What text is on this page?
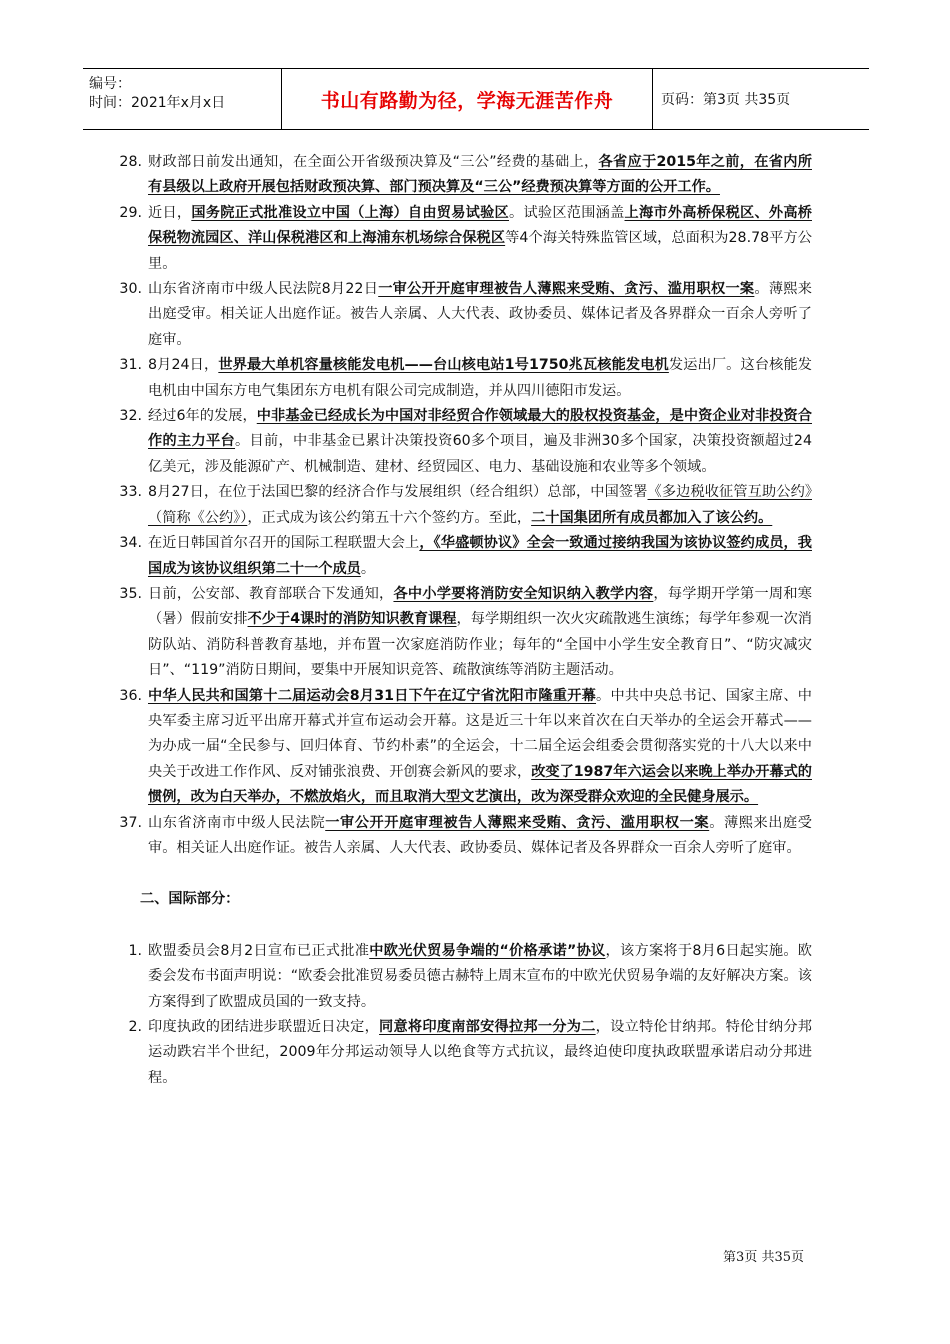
编号：
时间：2021年x月x日	书山有路勤为径，学海无涯苦作舟	页码：第3页 共35页
28. 财政部日前发出通知，在全面公开省级预决算及“三公”经费的基础上，各省应于2015年之前，在省内所有县级以上政府开展包括财政预决算、部门预决算及“三公”经费预决算等方面的公开工作。
29. 近日，国务院正式批准设立中国（上海）自由贸易试验区。试验区范围涵盖上海市外高桥保税区、外高桥保税物流园区、洋山保税港区和上海浦东机场综合保税区等4个海关特殊监管区域，总面积为28.78平方公里。
30. 山东省济南市中级人民法院8月22日一审公开开庭审理被告人薄熙来受贿、贪污、滥用职权一案。薄熙来出庭受审。相关证人出庭作证。被告人亲属、人大代表、政协委员、媒体记者及各界群众一百余人旁听了庭审。
31. 8月24日，世界最大单机容量核能发电机——台山核电站1号1750兆瓦核能发电机发运出厂。这台核能发电机由中国东方电气集团东方电机有限公司完成制造，并从四川德阳市发运。
32. 经过6年的发展，中非基金已经成长为中国对非经贸合作领域最大的股权投资基金，是中资企业对非投资合作的主力平台。目前，中非基金已累计决策投资60多个项目，遍及非洲30多个国家，决策投资额超过24亿美元，涉及能源矿产、机械制造、建材、经贸园区、电力、基础设施和农业等多个领域。
33. 8月27日，在位于法国巴黎的经济合作与发展组织（经合组织）总部，中国签署《多边税收征管互助公约》（简称《公约》），正式成为该公约第五十六个签约方。至此，二十国集团所有成员都加入了该公约。
34. 在近日韩国首尔召开的国际工程联盟大会上，《华盛顿协议》全会一致通过接纳我国为该协议签约成员，我国成为该协议组织第二十一个成员。
35. 日前，公安部、教育部联合下发通知，各中小学要将消防安全知识纳入教学内容，每学期开学第一周和寒（暑）假前安排不少于4课时的消防知识教育课程，每学期组织一次火灾疏散逃生演练；每学年参观一次消防队站、消防科普教育基地，并布置一次家庭消防作业；每年的“全国中小学生安全教育日”、“防灾减灾日”、“119”消防日期间，要集中开展知识竞答、疏散演练等消防主题活动。
36. 中华人民共和国第十二届运动会8月31日下午在辽宁省沈阳市隆重开幕。中共中央总书记、国家主席、中央军委主席习近平出席开幕式并宣布运动会开幕。这是近三十年以来首次在白天举办的全运会开幕式——为办成一届“全民参与、回归体育、节约朴素”的全运会，十二届全运会组委会贯彻落实党的十八大以来中央关于改进工作作风、反对铺张浪费、开创赛会新风的要求，改变了1987年六运会以来晚上举办开幕式的惯例，改为白天举办，不燃放焰火，而且取消大型文艺演出，改为深受群众欢迎的全民健身展示。
37. 山东省济南市中级人民法院一审公开开庭审理被告人薄熙来受贿、贪污、滥用职权一案。薄熙来出庭受审。相关证人出庭作证。被告人亲属、人大代表、政协委员、媒体记者及各界群众一百余人旁听了庭审。
二、国际部分：
1. 欧盟委员会8月2日宣布已正式批准中欧光伏贸易争端的“价格承诺”协议，该方案将于8月6日起实施。欧委会发布书面声明说：“欧委会批准贸易委员德古赫特上周末宣布的中欧光伏贸易争端的友好解决方案。该方案得到了欧盟成员国的一致支持。
2. 印度执政的团结进步联盟近日决定，同意将印度南部安得拉邦一分为二，设立特伦甘纳邦。特伦甘纳分邦运动跌宕半个世纪，2009年分邦运动领导人以绝食等方式抗议，最终迫使印度执政联盟承诺启动分邦进程。
第3页 共35页
